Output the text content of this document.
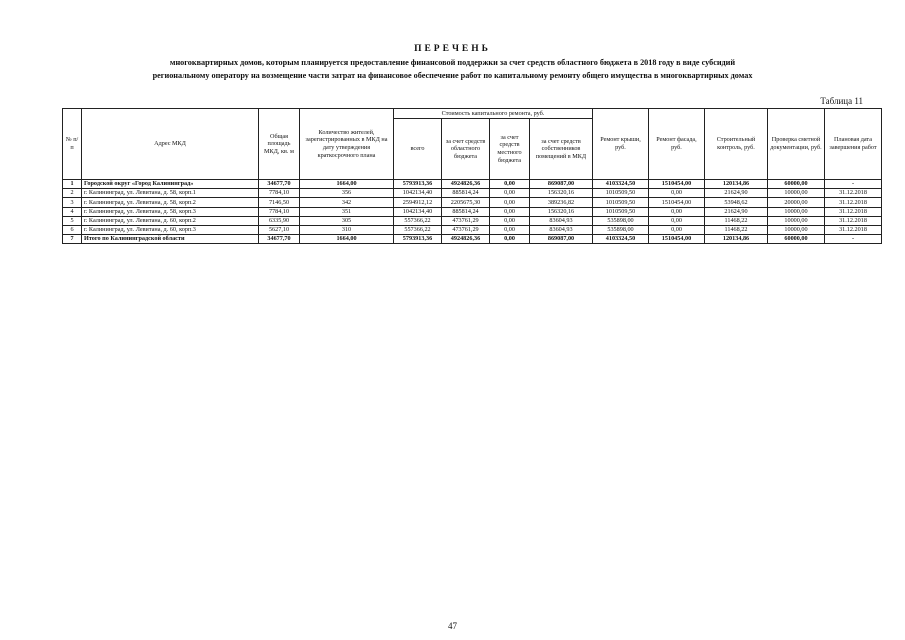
ПЕРЕЧЕНЬ
многоквартирных домов, которым планируется предоставление финансовой поддержки за счет средств областного бюджета в 2018 году в виде субсидий
региональному оператору на возмещение части затрат на финансовое обеспечение работ по капитальному ремонту общего имущества в многоквартирных домах
Таблица 11
№ п/п	Адрес МКД	Общая площадь МКД, кв. м	Количество жителей, зарегистрированных в МКД на дату утверждения краткосрочного плана	Стоимость капитального ремонта, руб.				Ремонт крыши, руб.	Ремонт фасада, руб.	Строительный контроль, руб.	Проверка сметной документации, руб.	Плановая дата завершения работ
				всего	за счет средств областного бюджета	за счет средств местного бюджета	за счет средств собственников помещений в МКД					
1	Городской округ «Город Калининград»	34677,70	1664,00	5793913,36	4924826,36	0,00	869087,00	4103324,50	1510454,00	120134,86	60000,00	-
2	г. Калининград, ул. Левитана, д. 58, корп.1	7784,10	356	1042134,40	885814,24	0,00	156320,16	1010509,50	0,00	21624,90	10000,00	31.12.2018
3	г. Калининград, ул. Левитана, д. 58, корп.2	7146,50	342	2594912,12	2205675,30	0,00	389236,82	1010509,50	1510454,00	53948,62	20000,00	31.12.2018
4	г. Калининград, ул. Левитана, д. 58, корп.3	7784,10	351	1042134,40	885814,24	0,00	156320,16	1010509,50	0,00	21624,90	10000,00	31.12.2018
5	г. Калининград, ул. Левитана, д. 60, корп.2	6335,90	305	557366,22	473761,29	0,00	83604,93	535898,00	0,00	11468,22	10000,00	31.12.2018
6	г. Калининград, ул. Левитана, д. 60, корп.3	5627,10	310	557366,22	473761,29	0,00	83604,93	535898,00	0,00	11468,22	10000,00	31.12.2018
7	Итого по Калининградской области	34677,70	1664,00	5793913,36	4924826,36	0,00	869087,00	4103324,50	1510454,00	120134,86	60000,00	-
47
